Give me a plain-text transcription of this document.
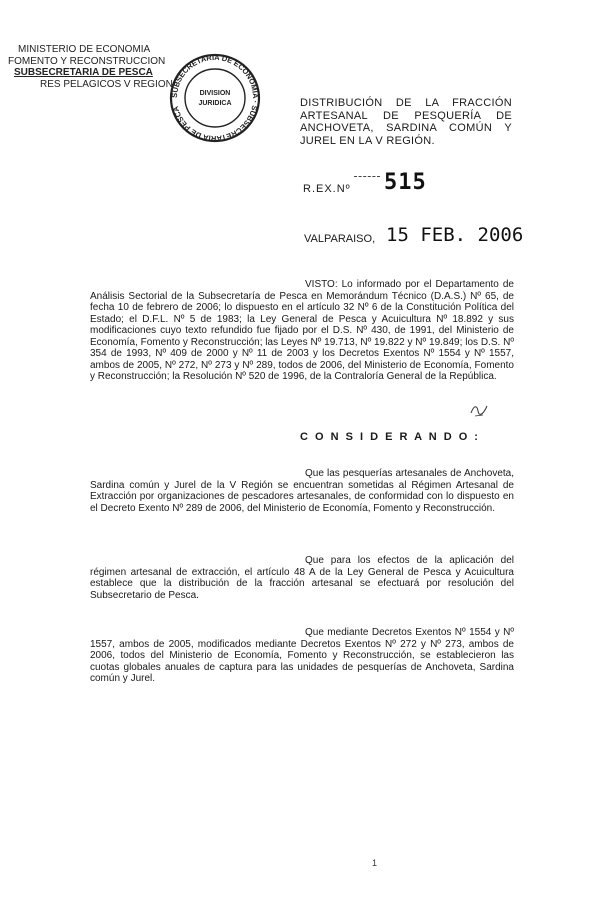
MINISTERIO DE ECONOMIA
FOMENTO Y RECONSTRUCCION
SUBSECRETARIA DE PESCA
RES PELAGICOS V REGION
SUBSECRETARIA DE ECONOMIA · SUBSECRETARIA DE PESCA
DIVISION
JURIDICA	DISTRIBUCIÓN DE LA FRACCIÓN ARTESANAL DE PESQUERÍA DE ANCHOVETA, SARDINA COMÚN Y JUREL EN LA V REGIÓN.
R.EX.Nº 515
VALPARAISO, 15 FEB. 2006
VISTO: Lo informado por el Departamento de Análisis Sectorial de la Subsecretaría de Pesca en Memorándum Técnico (D.A.S.) Nº 65, de fecha 10 de febrero de 2006; lo dispuesto en el artículo 32 Nº 6 de la Constitución Política del Estado; el D.F.L. Nº 5 de 1983; la Ley General de Pesca y Acuicultura Nº 18.892 y sus modificaciones cuyo texto refundido fue fijado por el D.S. Nº 430, de 1991, del Ministerio de Economía, Fomento y Reconstrucción; las Leyes Nº 19.713, Nº 19.822 y Nº 19.849; los D.S. Nº 354 de 1993, Nº 409 de 2000 y Nº 11 de 2003 y los Decretos Exentos Nº 1554 y Nº 1557, ambos de 2005, Nº 272, Nº 273 y Nº 289, todos de 2006, del Ministerio de Economía, Fomento y Reconstrucción; la Resolución Nº 520 de 1996, de la Contraloría General de la República.
C O N S I D E R A N D O :
Que las pesquerías artesanales de Anchoveta, Sardina común y Jurel de la V Región se encuentran sometidas al Régimen Artesanal de Extracción por organizaciones de pescadores artesanales, de conformidad con lo dispuesto en el Decreto Exento Nº 289 de 2006, del Ministerio de Economía, Fomento y Reconstrucción.
Que para los efectos de la aplicación del régimen artesanal de extracción, el artículo 48 A de la Ley General de Pesca y Acuicultura establece que la distribución de la fracción artesanal se efectuará por resolución del Subsecretario de Pesca.
Que mediante Decretos Exentos Nº 1554 y Nº 1557, ambos de 2005, modificados mediante Decretos Exentos Nº 272 y Nº 273, ambos de 2006, todos del Ministerio de Economía, Fomento y Reconstrucción, se establecieron las cuotas globales anuales de captura para las unidades de pesquerías de Anchoveta, Sardina común y Jurel.
1
